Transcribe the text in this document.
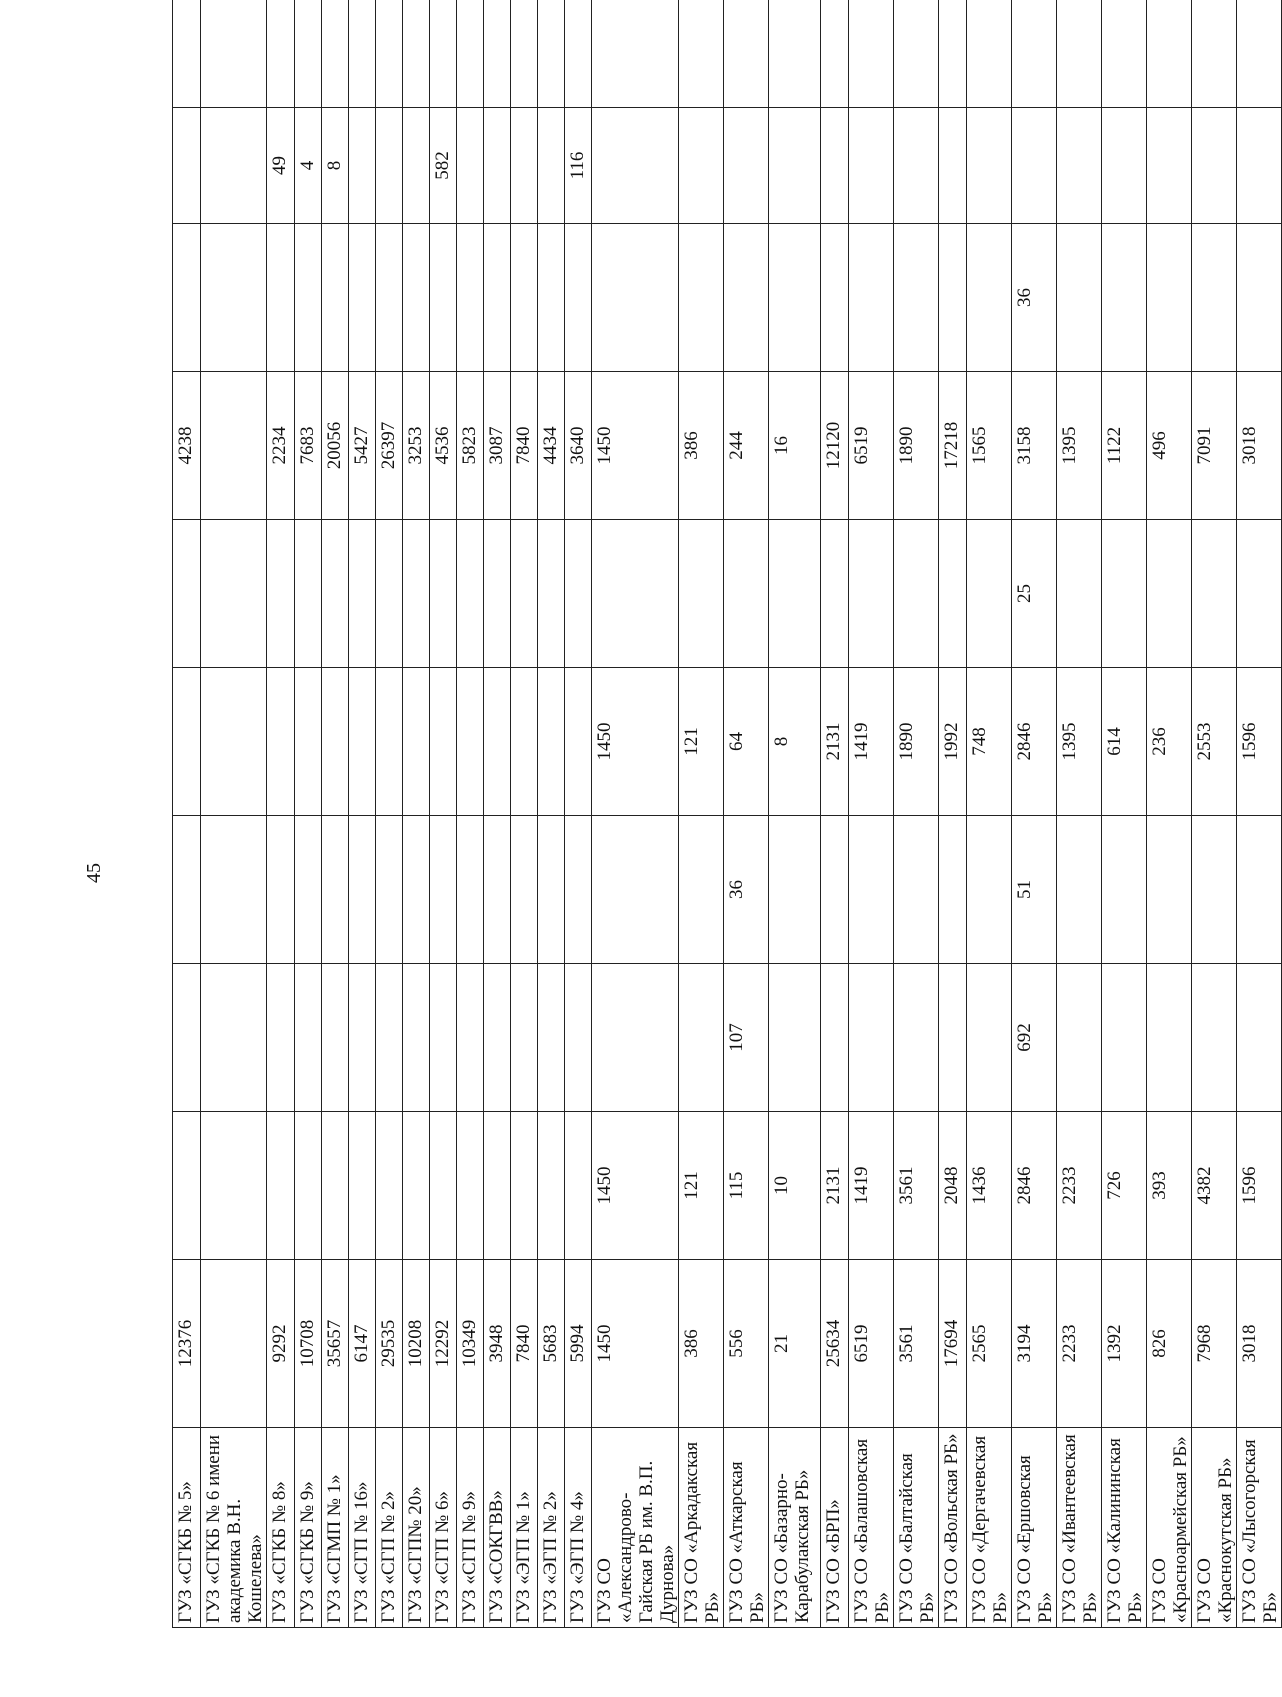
45
ГУЗ «СГКБ № 5»	12376						4238			
ГУЗ «СГКБ № 6 имени академика В.Н. Кошелева»										
ГУЗ «СГКБ № 8»	9292						2234		49	
ГУЗ «СГКБ № 9»	10708						7683		4	
ГУЗ «СГМП № 1»	35657						20056		8	
ГУЗ «СГП № 16»	6147						5427			
ГУЗ «СГП № 2»	29535						26397			
ГУЗ «СГП№ 20»	10208						3253			
ГУЗ «СГП № 6»	12292						4536		582	
ГУЗ «СГП № 9»	10349						5823			
ГУЗ «СОКГВВ»	3948						3087			
ГУЗ «ЭГП № 1»	7840						7840			
ГУЗ «ЭГП № 2»	5683						4434			
ГУЗ «ЭГП № 4»	5994						3640		116	
ГУЗ СО «Александрово-Гайская РБ им. В.П. Дурнова»	1450	1450			1450		1450			
ГУЗ СО «Аркадакская РБ»	386	121			121		386			
ГУЗ СО «Аткарская РБ»	556	115	107	36	64		244			
ГУЗ СО «Базарно-Карабулакская РБ»	21	10			8		16			
ГУЗ СО «БРП»	25634	2131			2131		12120			
ГУЗ СО «Балашовская РБ»	6519	1419			1419		6519			
ГУЗ СО «Балтайская РБ»	3561	3561			1890		1890			
ГУЗ СО «Вольская РБ»	17694	2048			1992		17218			
ГУЗ СО «Дергачевская РБ»	2565	1436			748		1565			
ГУЗ СО «Ершовская РБ»	3194	2846	692	51	2846	25	3158	36		
ГУЗ СО «Ивантеевская РБ»	2233	2233			1395		1395			
ГУЗ СО «Калининская РБ»	1392	726			614		1122			
ГУЗ СО «Красноармейская РБ»	826	393			236		496			
ГУЗ СО «Краснокутская РБ»	7968	4382			2553		7091			
ГУЗ СО «Лысогорская РБ»	3018	1596			1596		3018			
